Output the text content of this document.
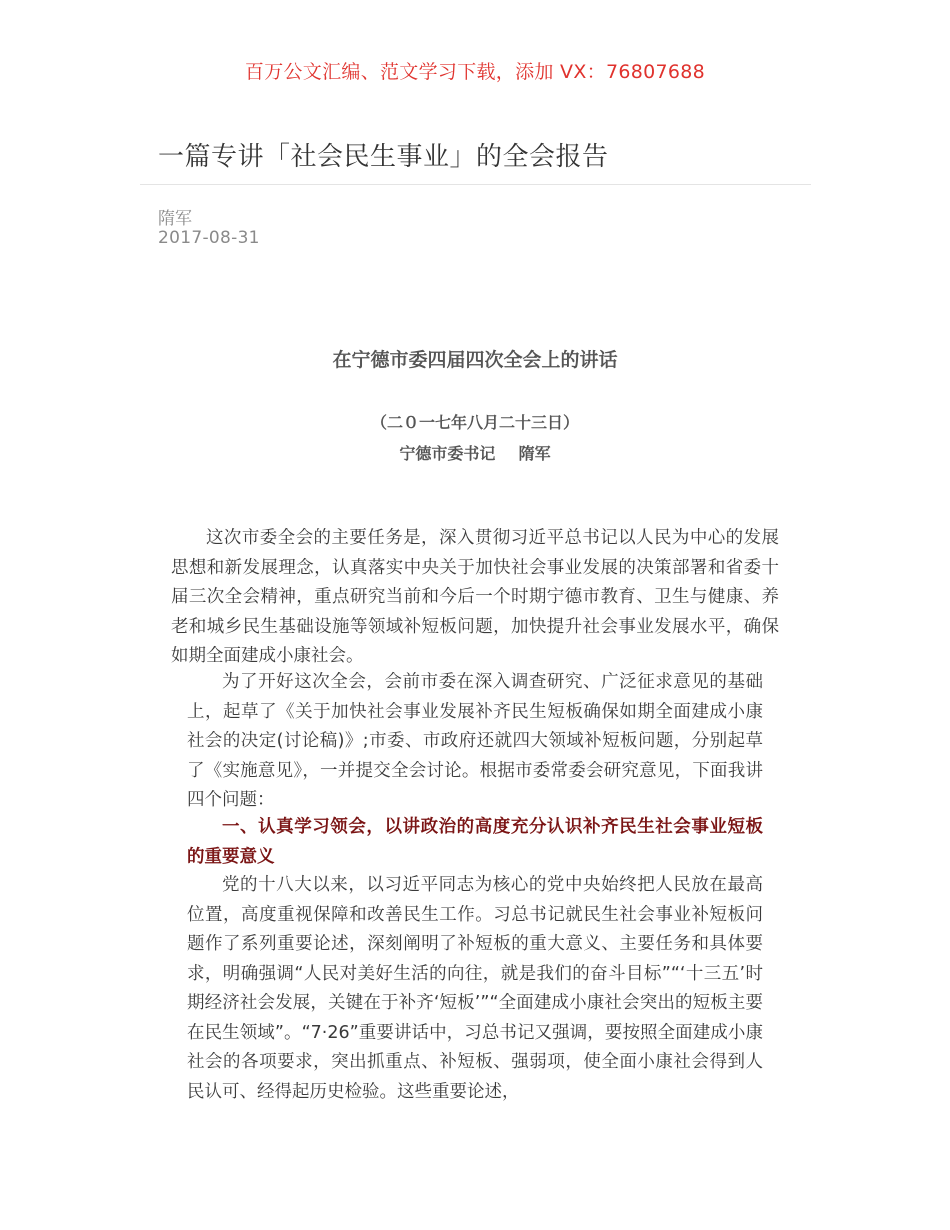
百万公文汇编、范文学习下载，添加 VX：76807688
一篇专讲「社会民生事业」的全会报告
隋军
2017-08-31
在宁德市委四届四次全会上的讲话
（二０一七年八月二十三日）
宁德市委书记  隋军

这次市委全会的主要任务是，深入贯彻习近平总书记以人民为中心的发展思想和新发展理念，认真落实中央关于加快社会事业发展的决策部署和省委十届三次全会精神，重点研究当前和今后一个时期宁德市教育、卫生与健康、养老和城乡民生基础设施等领域补短板问题，加快提升社会事业发展水平，确保如期全面建成小康社会。

为了开好这次全会，会前市委在深入调查研究、广泛征求意见的基础上，起草了《关于加快社会事业发展补齐民生短板确保如期全面建成小康社会的决定(讨论稿)》;市委、市政府还就四大领域补短板问题，分别起草了《实施意见》，一并提交全会讨论。根据市委常委会研究意见，下面我讲四个问题：

一、认真学习领会，以讲政治的高度充分认识补齐民生社会事业短板的重要意义

党的十八大以来，以习近平同志为核心的党中央始终把人民放在最高位置，高度重视保障和改善民生工作。习总书记就民生社会事业补短板问题作了系列重要论述，深刻阐明了补短板的重大意义、主要任务和具体要求，明确强调“人民对美好生活的向往，就是我们的奋斗目标”“‘十三五’时期经济社会发展，关键在于补齐‘短板’”“全面建成小康社会突出的短板主要在民生领域”。“7·26”重要讲话中，习总书记又强调，要按照全面建成小康社会的各项要求，突出抓重点、补短板、强弱项，使全面小康社会得到人民认可、经得起历史检验。这些重要论述，
